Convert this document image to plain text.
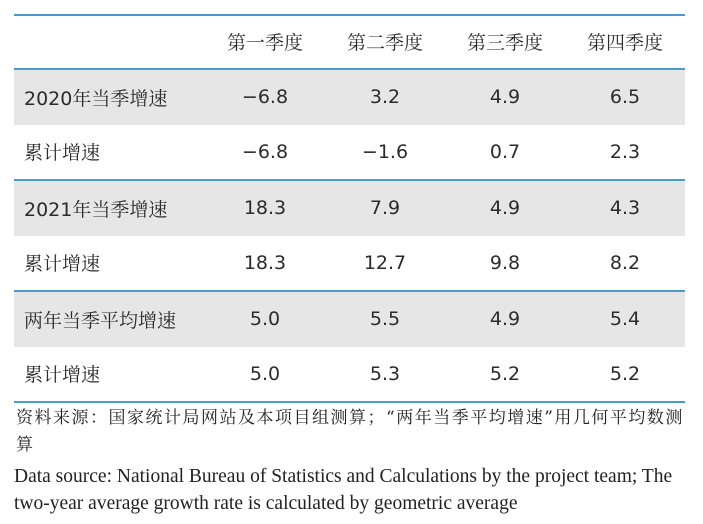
	第一季度	第二季度	第三季度	第四季度
2020年当季增速	−6.8	3.2	4.9	6.5
累计增速	−6.8	−1.6	0.7	2.3
2021年当季增速	18.3	7.9	4.9	4.3
累计增速	18.3	12.7	9.8	8.2
两年当季平均增速	5.0	5.5	4.9	5.4
累计增速	5.0	5.3	5.2	5.2
资料来源：国家统计局网站及本项目组测算；“两年当季平均增速”用几何平均数测算
Data source: National Bureau of Statistics and Calculations by the project team; The two-year average growth rate is calculated by geometric average
